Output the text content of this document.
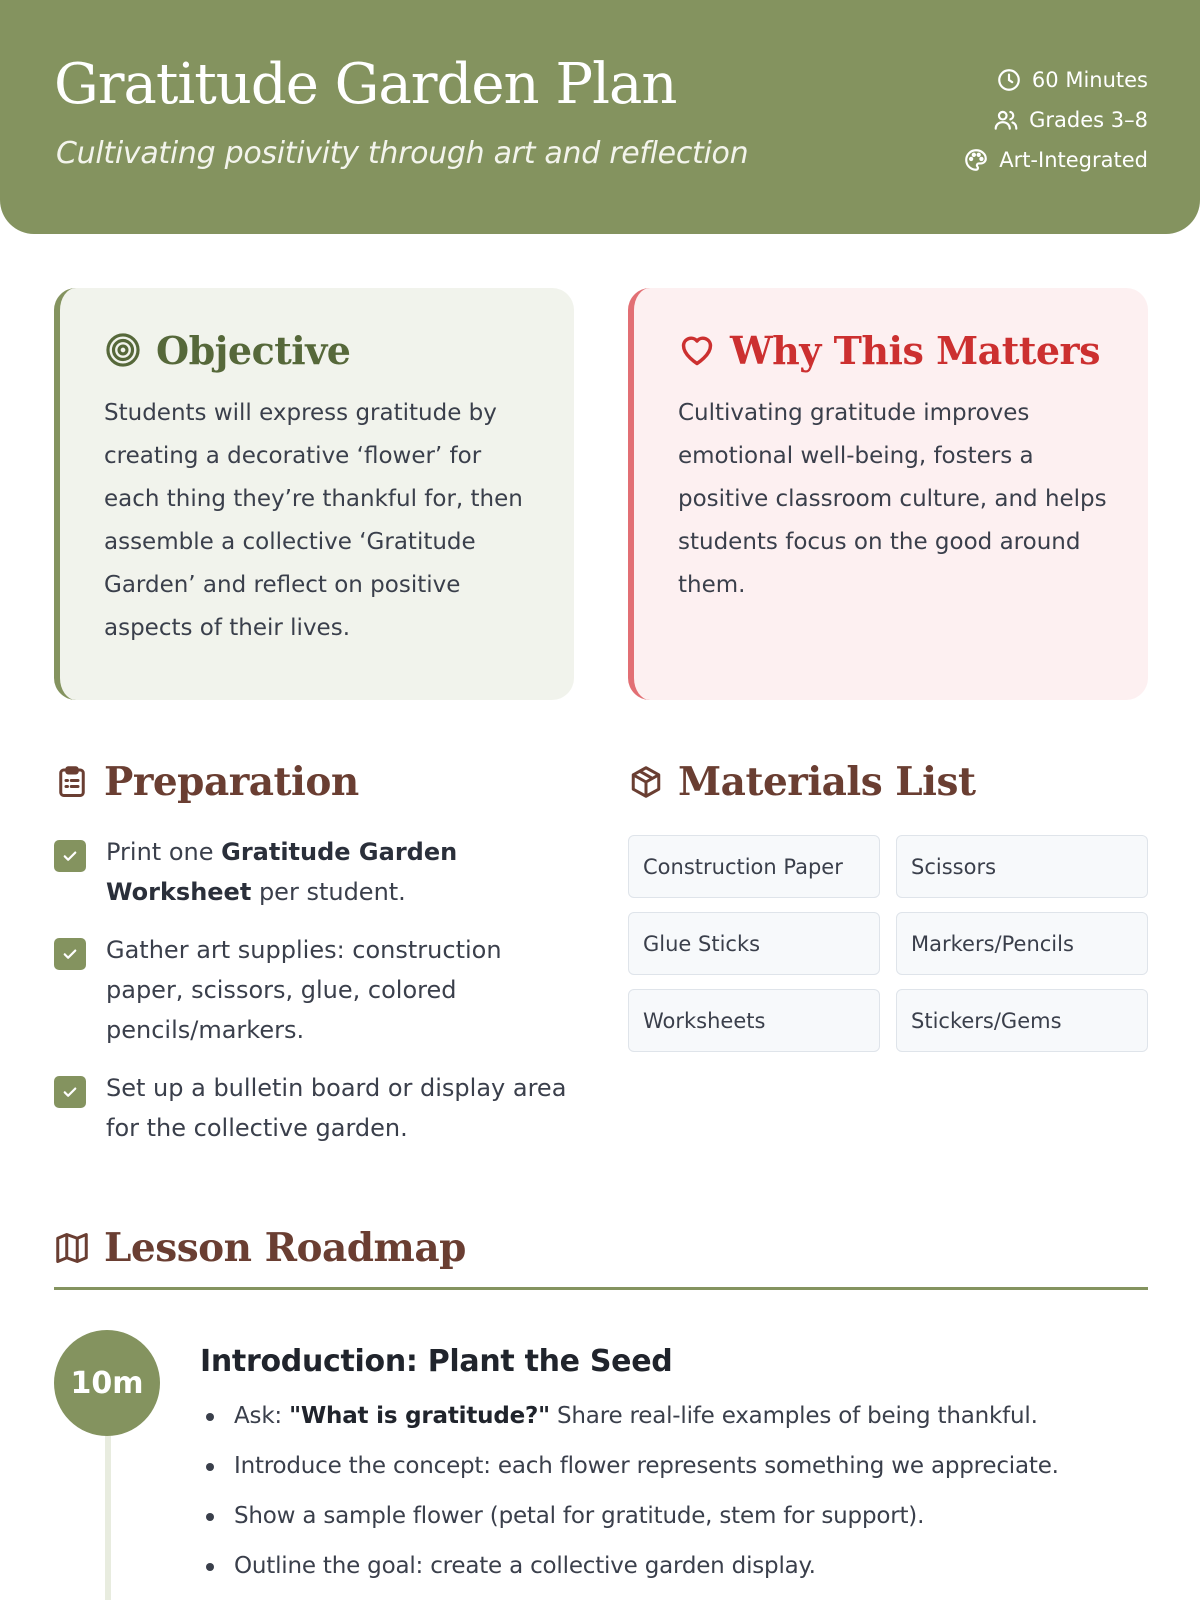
Gratitude Garden Plan

Cultivating positivity through art and reflection

60 Minutes
Grades 3–8
Art-Integrated
Objective

Students will express gratitude by creating a decorative ‘flower’ for each thing they’re thankful for, then assemble a collective ‘Gratitude Garden’ and reflect on positive aspects of their lives.

Why This Matters

Cultivating gratitude improves emotional well-being, fosters a positive classroom culture, and helps students focus on the good around them.

Preparation

Print one Gratitude Garden Worksheet per student.

Gather art supplies: construction paper, scissors, glue, colored pencils/markers.

Set up a bulletin board or display area for the collective garden.

Materials List
Construction Paper	Scissors
Glue Sticks	Markers/Pencils
Worksheets	Stickers/Gems
Lesson Roadmap
10m
Introduction: Plant the Seed
Ask: "What is gratitude?" Share real-life examples of being thankful.
Introduce the concept: each flower represents something we appreciate.
Show a sample flower (petal for gratitude, stem for support).
Outline the goal: create a collective garden display.
